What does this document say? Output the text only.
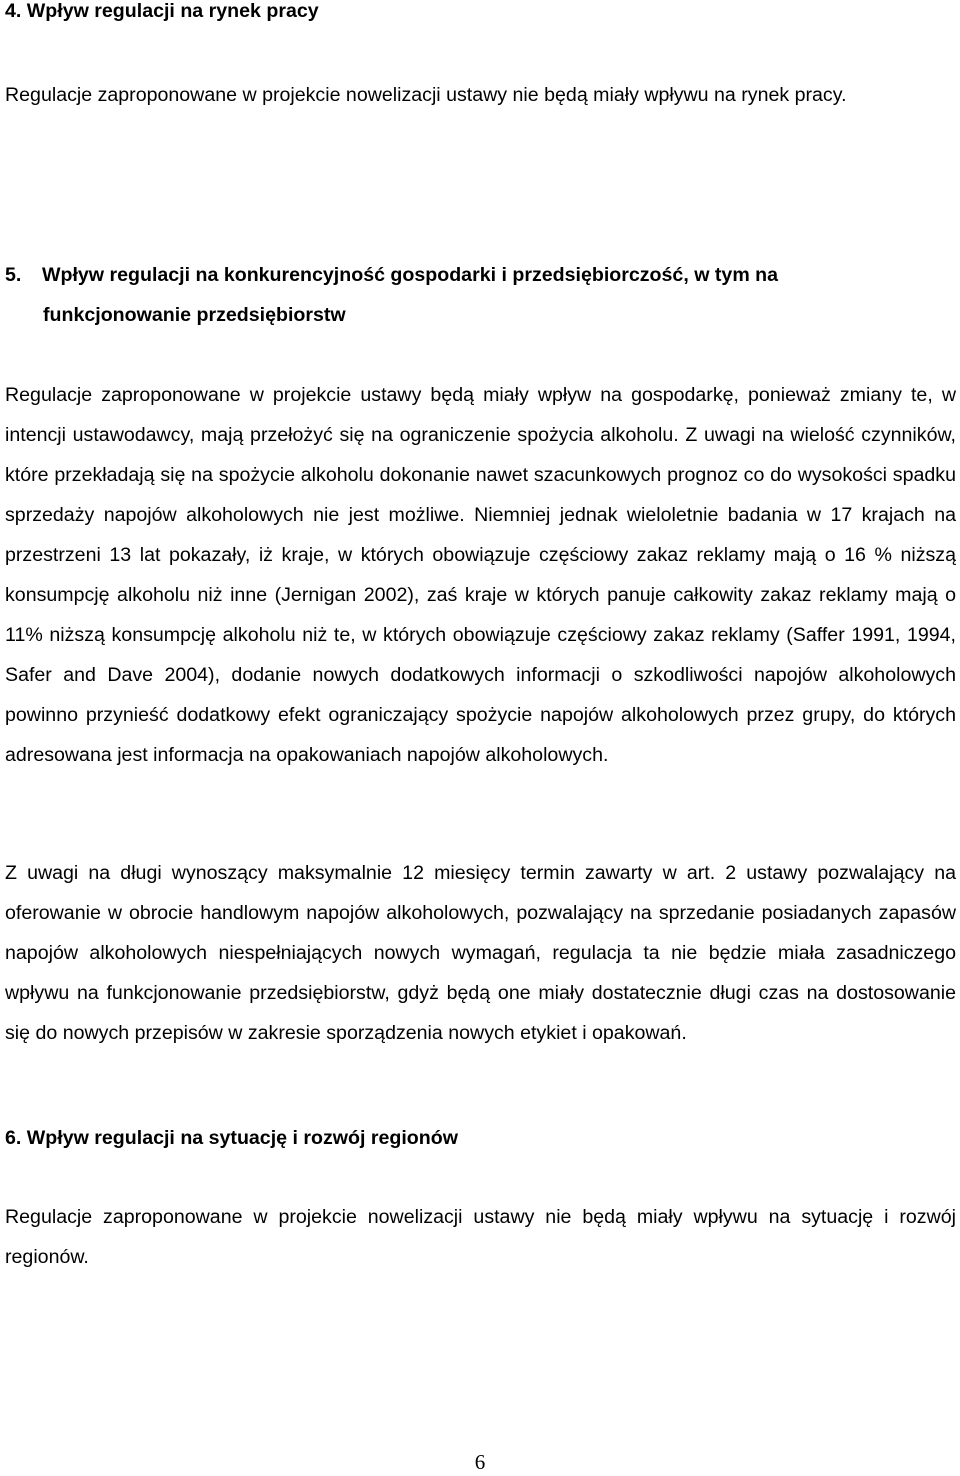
4. Wpływ regulacji na rynek pracy
Regulacje zaproponowane w projekcie nowelizacji ustawy nie będą miały wpływu na rynek pracy.
5. Wpływ regulacji na konkurencyjność gospodarki i przedsiębiorczość, w tym na
funkcjonowanie przedsiębiorstw
Regulacje zaproponowane w projekcie ustawy będą miały wpływ na gospodarkę, ponieważ zmiany te, w intencji ustawodawcy, mają przełożyć się na ograniczenie spożycia alkoholu. Z uwagi na wielość czynników, które przekładają się na spożycie alkoholu dokonanie nawet szacunkowych prognoz co do wysokości spadku sprzedaży napojów alkoholowych nie jest możliwe. Niemniej jednak wieloletnie badania w 17 krajach na przestrzeni 13 lat pokazały, iż kraje, w których obowiązuje częściowy zakaz reklamy mają o 16 % niższą konsumpcję alkoholu niż inne (Jernigan 2002), zaś kraje w których panuje całkowity zakaz reklamy mają o 11% niższą konsumpcję alkoholu niż te, w których obowiązuje częściowy zakaz reklamy (Saffer 1991, 1994, Safer and Dave 2004), dodanie nowych dodatkowych informacji o szkodliwości napojów alkoholowych powinno przynieść dodatkowy efekt ograniczający spożycie napojów alkoholowych przez grupy, do których adresowana jest informacja na opakowaniach napojów alkoholowych.
Z uwagi na długi wynoszący maksymalnie 12 miesięcy termin zawarty w art. 2 ustawy pozwalający na oferowanie w obrocie handlowym napojów alkoholowych, pozwalający na sprzedanie posiadanych zapasów napojów alkoholowych niespełniających nowych wymagań, regulacja ta nie będzie miała zasadniczego wpływu na funkcjonowanie przedsiębiorstw, gdyż będą one miały dostatecznie długi czas na dostosowanie się do nowych przepisów w zakresie sporządzenia nowych etykiet i opakowań.
6. Wpływ regulacji na sytuację i rozwój regionów
Regulacje zaproponowane w projekcie nowelizacji ustawy nie będą miały wpływu na sytuację i rozwój regionów.
6
